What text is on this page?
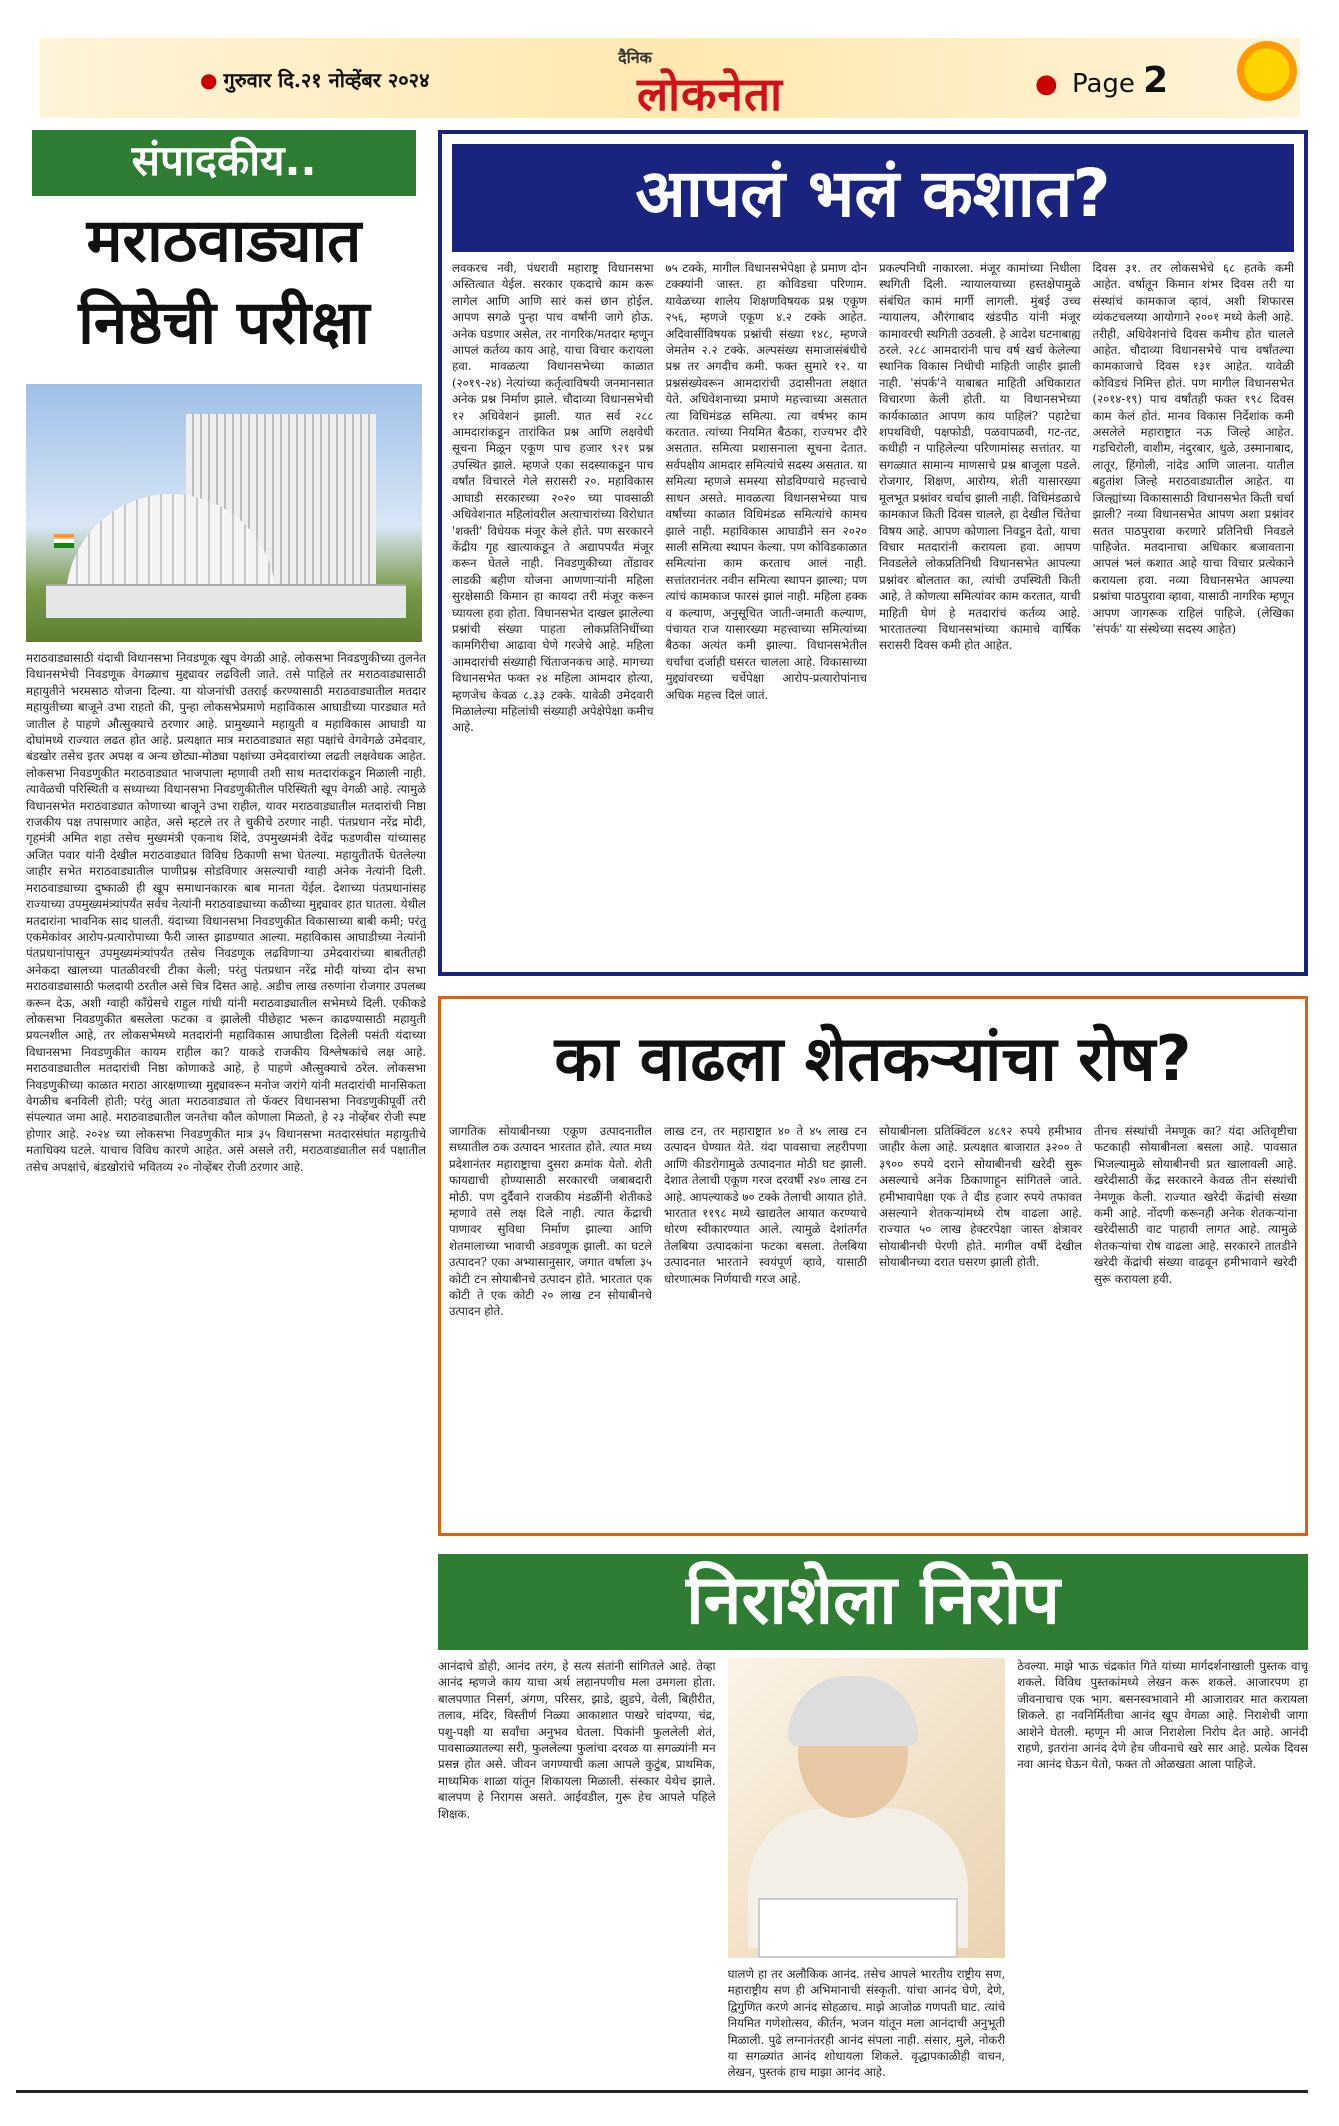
● गुरुवार दि.२१ नोव्हेंबर २०२४
दैनिक
लोकनेता
●	Page 2
संपादकीय..
मराठवाड्यात निष्ठेची परीक्षा
मराठवाड्यासाठी यंदाची विधानसभा निवडणूक खूप वेगळी आहे. लोकसभा निवडणुकीच्या तुलनेत विधानसभेची निवडणूक वेगळ्याच मुद्द्यावर लढविली जाते. तसे पाहिले तर मराठवाड्यासाठी महायुतीने भरमसाठ योजना दिल्या. या योजनांची उतराई करण्यासाठी मराठवाड्यातील मतदार महायुतीच्या बाजूने उभा राहतो की, पुन्हा लोकसभेप्रमाणे महाविकास आघाडीच्या पारड्यात मते जातील हे पाहणे औत्सुक्याचे ठरणार आहे. प्रामुख्याने महायुती व महाविकास आघाडी या दोघांमध्ये राज्यात लढत होत आहे. प्रत्यक्षात मात्र मराठवाड्यात सहा पक्षांचे वेगवेगळे उमेदवार, बंडखोर तसेच इतर अपक्ष व अन्य छोट्या-मोठ्या पक्षांच्या उमेदवारांच्या लढती लक्षवेधक आहेत. लोकसभा निवडणुकीत मराठवाड्यात भाजपाला म्हणावी तशी साथ मतदारांकडून मिळाली नाही. त्यावेळची परिस्थिती व सध्याच्या विधानसभा निवडणुकीतील परिस्थिती खूप वेगळी आहे. त्यामुळे विधानसभेत मराठवाड्यात कोणाच्या बाजूने उभा राहील, यावर मराठवाड्यातील मतदारांची निष्ठा राजकीय पक्ष तपासणार आहेत, असे म्हटले तर ते चुकीचे ठरणार नाही. पंतप्रधान नरेंद्र मोदी, गृहमंत्री अमित शहा तसेच मुख्यमंत्री एकनाथ शिंदे, उपमुख्यमंत्री देवेंद्र फडणवीस यांच्यासह अजित पवार यांनी देखील मराठवाड्यात विविध ठिकाणी सभा घेतल्या. महायुतीतर्फे घेतलेल्या जाहीर सभेत मराठवाड्यातील पाणीप्रश्न सोडविणार असल्याची ग्वाही अनेक नेत्यांनी दिली. मराठवाड्याच्या दुष्काळी ही खूप समाधानकारक बाब मानता येईल. देशाच्या पंतप्रधानांसह राज्याच्या उपमुख्यमंत्र्यांपर्यंत सर्वच नेत्यांनी मराठवाड्याच्या कळीच्या मुद्द्यावर हात घातला. येथील मतदारांना भावनिक साद घालती. यंदाच्या विधानसभा निवडणुकीत विकासाच्या बाबी कमी; परंतु एकमेकांवर आरोप-प्रत्यारोपाच्या फैरी जास्त झाडण्यात आल्या. महाविकास आघाडीच्या नेत्यांनी पंतप्रधानांपासून उपमुख्यमंत्र्यांपर्यंत तसेच निवडणूक लढविणाऱ्या उमेदवारांच्या बाबतीतही अनेकदा खालच्या पातळीवरची टीका केली; परंतु पंतप्रधान नरेंद्र मोदी यांच्या दोन सभा मराठवाड्यासाठी फलदायी ठरतील असे चित्र दिसत आहे. अडीच लाख तरुणांना रोजगार उपलब्ध करून देऊ, अशी ग्वाही काँग्रेसचे राहुल गांधी यांनी मराठवाड्यातील सभेमध्ये दिली. एकीकडे लोकसभा निवडणुकीत बसलेला फटका व झालेली पीछेहाट भरून काढण्यासाठी महायुती प्रयत्नशील आहे, तर लोकसभेमध्ये मतदारांनी महाविकास आघाडीला दिलेली पसंती यंदाच्या विधानसभा निवडणुकीत कायम राहील का? याकडे राजकीय विश्लेषकांचे लक्ष आहे. मराठवाड्यातील मतदारांची निष्ठा कोणाकडे आहे, हे पाहणे औत्सुक्याचे ठरेल. लोकसभा निवडणुकीच्या काळात मराठा आरक्षणाच्या मुद्द्यावरून मनोज जरांगे यांनी मतदारांची मानसिकता वेगळीच बनविली होती; परंतु आता मराठवाड्यात तो फॅक्टर विधानसभा निवडणुकीपूर्वी तरी संपल्यात जमा आहे. मराठवाड्यातील जनतेचा कौल कोणाला मिळतो, हे २३ नोव्हेंबर रोजी स्पष्ट होणार आहे. २०२४ च्या लोकसभा निवडणुकीत मात्र ३५ विधानसभा मतदारसंघांत महायुतीचे मताधिक्य घटले. याचाच विविध कारणे आहेत. असे असले तरी, मराठवाड्यातील सर्व पक्षातील तसेच अपक्षांचे, बंडखोरांचे भवितव्य २० नोव्हेंबर रोजी ठरणार आहे.
आपलं भलं कशात?
लवकरच नवी, पंधरावी महाराष्ट्र विधानसभा अस्तित्वात येईल. सरकार एकदाचे काम करू लागेल आणि आणि सारं कसं छान होईल. आपण सगळे पुन्हा पाच वर्षांनी जागे होऊ. अनेक घडणार असेल, तर नागरिक/मतदार म्हणून आपलं कर्तव्य काय आहे, याचा विचार करायला हवा. मावळत्या विधानसभेच्या काळात (२०१९-२४) नेत्यांच्या कर्तृत्वाविषयी जनमानसात अनेक प्रश्न निर्माण झाले. चौदाव्या विधानसभेची १२ अधिवेशनं झाली. यात सर्व २८८ आमदारांकडून तारांकित प्रश्न आणि लक्षवेधी सूचना मिळून एकूण पाच हजार ९२१ प्रश्न उपस्थित झाले. म्हणजे एका सदस्याकडून पाच वर्षांत विचारले गेले सरासरी २०. महाविकास आघाडी सरकारच्या २०२० च्या पावसाळी अधिवेशनात महिलांवरील अत्याचारांच्या विरोधात 'शक्ती' विधेयक मंजूर केले होते. पण सरकारने केंद्रीय गृह खात्याकडून ते अद्यापपर्यंत मंजूर करून घेतले नाही. निवडणुकीच्या तोंडावर लाडकी बहीण योजना आणणाऱ्यांनी महिला सुरक्षेसाठी किमान हा कायदा तरी मंजूर करून घ्यायला हवा होता. विधानसभेत दाखल झालेल्या प्रश्नांची संख्या पाहता लोकप्रतिनिधींच्या कामगिरीचा आढावा घेणे गरजेचे आहे. महिला आमदारांची संख्याही चिंताजनकच आहे. मागच्या विधानसभेत फक्त २४ महिला आमदार होत्या, म्हणजेच केवळ ८.३३ टक्के. यावेळी उमेदवारी मिळालेल्या महिलांची संख्याही अपेक्षेपेक्षा कमीच आहे.
७५ टक्के, मागील विधानसभेपेक्षा हे प्रमाण दोन टक्क्यांनी जास्त. हा कोविडचा परिणाम. यावेळच्या शालेय शिक्षणविषयक प्रश्न एकूण २५६, म्हणजे एकूण ४.२ टक्के आहेत. अदिवासींविषयक प्रश्नांची संख्या १४८, म्हणजे जेमतेम २.२ टक्के. अल्पसंख्य समाजासंबंधीचे प्रश्न तर अगदीच कमी. फक्त सुमारे १२. या प्रश्नसंख्येवरून आमदारांची उदासीनता लक्षात येते. अधिवेशनाच्या प्रमाणे महत्त्वाच्या असतात त्या विधिमंडळ समित्या. त्या वर्षभर काम करतात. त्यांच्या नियमित बैठका, राज्यभर दौरे असतात. समित्या प्रशासनाला सूचना देतात. सर्वपक्षीय आमदार समित्यांचे सदस्य असतात. या समित्या म्हणजे समस्या सोडविण्याचे महत्त्वाचे साधन असते. मावळत्या विधानसभेच्या पाच वर्षांच्या काळात विधिमंडळ समित्यांचे कामच झाले नाही. महाविकास आघाडीने सन २०२० साली समित्या स्थापन केल्या. पण कोविडकाळात समित्यांना काम करताच आलं नाही. सत्तांतरानंतर नवीन समित्या स्थापन झाल्या; पण त्यांचं कामकाज फारसं झालं नाही. महिला हक्क व कल्याण, अनुसूचित जाती-जमाती कल्याण, पंचायत राज यासारख्या महत्त्वाच्या समित्यांच्या बैठका अत्यंत कमी झाल्या. विधानसभेतील चर्चांचा दर्जाही घसरत चालला आहे. विकासाच्या मुद्द्यांवरच्या चर्चेपेक्षा आरोप-प्रत्यारोपांनाच अधिक महत्त्व दिलं जातं.
प्रकल्पनिधी नाकारला. मंजूर कामांच्या निधीला स्थगिती दिली. न्यायालयाच्या हस्तक्षेपामुळे संबंधित कामं मार्गी लागली. मुंबई उच्च न्यायालय, औरंगाबाद खंडपीठ यांनी मंजूर कामावरची स्थगिती उठवली. हे आदेश घटनाबाह्य ठरले. २८८ आमदारांनी पाच वर्ष खर्च केलेल्या स्थानिक विकास निधीची माहिती जाहीर झाली नाही. 'संपर्क'ने याबाबत माहिती अधिकारात विचारणा केली होती. या विधानसभेच्या कार्यकाळात आपण काय पाहिलं? पहाटेचा शपथविधी, पक्षफोडी, पळवापळवी, गट-तट, कधीही न पाहिलेल्या परिणामांसह सत्तांतर. या सगळ्यात सामान्य माणसाचे प्रश्न बाजूला पडले. रोजगार, शिक्षण, आरोग्य, शेती यासारख्या मूलभूत प्रश्नांवर चर्चाच झाली नाही. विधिमंडळाचे कामकाज किती दिवस चालले, हा देखील चिंतेचा विषय आहे. आपण कोणाला निवडून देतो, याचा विचार मतदारांनी करायला हवा. आपण निवडलेले लोकप्रतिनिधी विधानसभेत आपल्या प्रश्नांवर बोलतात का, त्यांची उपस्थिती किती आहे, ते कोणत्या समित्यांवर काम करतात, याची माहिती घेणं हे मतदारांचं कर्तव्य आहे. भारतातल्या विधानसभांच्या कामाचे वार्षिक सरासरी दिवस कमी होत आहेत.
दिवस ३१. तर लोकसभेचे ६८ हतके कमी आहेत. वर्षातून किमान शंभर दिवस तरी या संस्थांचं कामकाज व्हावं, अशी शिफारस व्यंकटचलय्या आयोगाने २००१ मध्ये केली आहे. तरीही, अधिवेशनांचे दिवस कमीच होत चालले आहेत. चौदाव्या विधानसभेचे पाच वर्षांतल्या कामकाजाचे दिवस १३१ आहेत. यावेळी कोविडचं निमित्त होतं. पण मागील विधानसभेत (२०१४-१९) पाच वर्षांतही फक्त १९८ दिवस काम केलं होतं. मानव विकास निर्देशांक कमी असलेले महाराष्ट्रात नऊ जिल्हे आहेत. गडचिरोली, वाशीम, नंदुरबार, धुळे, उस्मानाबाद, लातूर, हिंगोली, नांदेड आणि जालना. यातील बहुतांश जिल्हे मराठवाड्यातील आहेत. या जिल्ह्यांच्या विकासासाठी विधानसभेत किती चर्चा झाली? नव्या विधानसभेत आपण अशा प्रश्नांवर सतत पाठपुरावा करणारे प्रतिनिधी निवडले पाहिजेत. मतदानाचा अधिकार बजावताना आपलं भलं कशात आहे याचा विचार प्रत्येकाने करायला हवा. नव्या विधानसभेत आपल्या प्रश्नांचा पाठपुरावा व्हावा, यासाठी नागरिक म्हणून आपण जागरूक राहिलं पाहिजे. (लेखिका 'संपर्क' या संस्थेच्या सदस्य आहेत)
का वाढला शेतकऱ्यांचा रोष?
जागतिक सोयाबीनच्या एकूण उत्पादनातील सध्यातील ठक उत्पादन भारतात होते. त्यात मध्य प्रदेशानंतर महाराष्ट्राचा दुसरा क्रमांक येतो. शेती फायद्याची होण्यासाठी सरकारची जबाबदारी मोठी. पण दुर्दैवाने राजकीय मंडळींनी शेतीकडे म्हणावे तसे लक्ष दिले नाही. त्यात केंद्राची पाणावर सुविधा निर्माण झाल्या आणि शेतमालाच्या भावाची अडवणूक झाली. का घटले उत्पादन? एका अभ्यासानुसार, जगात वर्षाला ३५ कोटी टन सोयाबीनचे उत्पादन होते. भारतात एक कोटी ते एक कोटी २० लाख टन सोयाबीनचे उत्पादन होते.
लाख टन, तर महाराष्ट्रात ४० ते ४५ लाख टन उत्पादन घेण्यात येते. यंदा पावसाचा लहरीपणा आणि कीडरोगामुळे उत्पादनात मोठी घट झाली. देशात तेलाची एकूण गरज दरवर्षी २४० लाख टन आहे. आपल्याकडे ७० टक्के तेलाची आयात होते. भारतात ११९८ मध्ये खाद्यतेल आयात करण्याचे धोरण स्वीकारण्यात आले. त्यामुळे देशांतर्गत तेलबिया उत्पादकांना फटका बसला. तेलबिया उत्पादनात भारताने स्वयंपूर्ण व्हावे, यासाठी धोरणात्मक निर्णयाची गरज आहे.
सोयाबीनला प्रतिक्विंटल ४८९२ रुपये हमीभाव जाहीर केला आहे. प्रत्यक्षात बाजारात ३२०० ते ३९०० रुपये दराने सोयाबीनची खरेदी सुरू असल्याचे अनेक ठिकाणाहून सांगितले जाते. हमीभावापेक्षा एक ते दीड हजार रुपये तफावत असल्याने शेतकऱ्यांमध्ये रोष वाढला आहे. राज्यात ५० लाख हेक्टरपेक्षा जास्त क्षेत्रावर सोयाबीनची पेरणी होते. मागील वर्षी देखील सोयाबीनच्या दरात घसरण झाली होती.
तीनच संस्थांची नेमणूक का? यंदा अतिवृष्टीचा फटकाही सोयाबीनला बसला आहे. पावसात भिजल्यामुळे सोयाबीनची प्रत खालावली आहे. खरेदीसाठी केंद्र सरकारने केवळ तीन संस्थांची नेमणूक केली. राज्यात खरेदी केंद्रांची संख्या कमी आहे. नोंदणी करूनही अनेक शेतकऱ्यांना खरेदीसाठी वाट पाहावी लागत आहे. त्यामुळे शेतकऱ्यांचा रोष वाढला आहे. सरकारने तातडीने खरेदी केंद्रांची संख्या वाढवून हमीभावाने खरेदी सुरू करायला हवी.
निराशेला निरोप
आनंदाचे डोही, आनंद तरंग, हे सत्य संतांनी सांगितले आहे. तेव्हा आनंद म्हणजे काय याचा अर्थ लहानपणीच मला उमगला होता. बालपणात निसर्ग, अंगण, परिसर, झाडे, झुडपे, वेली, बिहीरीत, तलाव, मंदिर, विस्तीर्ण निळ्या आकाशात पाखरे चांदण्या, चंद्र, पशु-पक्षी या सर्वांचा अनुभव घेतला. पिकांनी फुललेली शेतं, पावसाळ्यातल्या सरी, फुललेल्या फुलांचा दरवळ या सगळ्यांनी मन प्रसन्न होत असे. जीवन जगण्याची कला आपले कुटुंब, प्राथमिक, माध्यमिक शाळा यांतून शिकायला मिळाली. संस्कार येथेच झाले. बालपण हे निरागस असते. आईवडील, गुरू हेच आपले पहिले शिक्षक.
घालणे हा तर अलौकिक आनंद. तसेच आपले भारतीय राष्ट्रीय सण, महाराष्ट्रीय सण ही अभिमानाची संस्कृती. यांचा आनंद घेणे, देणे, द्विगुणित करणे आनंद सोहळाच. माझे आजोळ गणपती घाट. त्यांचे नियमित गणेशोत्सव, कीर्तन, भजन यांतून मला आनंदाची अनुभूती मिळाली. पुढे लग्नानंतरही आनंद संपला नाही. संसार, मुले, नोकरी या सगळ्यांत आनंद शोधायला शिकले. वृद्धापकाळीही वाचन, लेखन, पुस्तकं हाच माझा आनंद आहे.
ठेवल्या. माझे भाऊ चंद्रकांत गिते यांच्या मार्गदर्शनाखाली पुस्तक वाचू शकले. विविध पुस्तकांमध्ये लेखन करू शकले. आजारपण हा जीवनाचाच एक भाग. बसनस्वभावाने मी आजारावर मात करायला शिकले. हा नवनिर्मितीचा आनंद खूप वेगळा आहे. निराशेची जागा आशेने घेतली. म्हणून मी आज निराशेला निरोप देत आहे. आनंदी राहणे, इतरांना आनंद देणे हेच जीवनाचे खरे सार आहे. प्रत्येक दिवस नवा आनंद घेऊन येतो, फक्त तो ओळखता आला पाहिजे.
